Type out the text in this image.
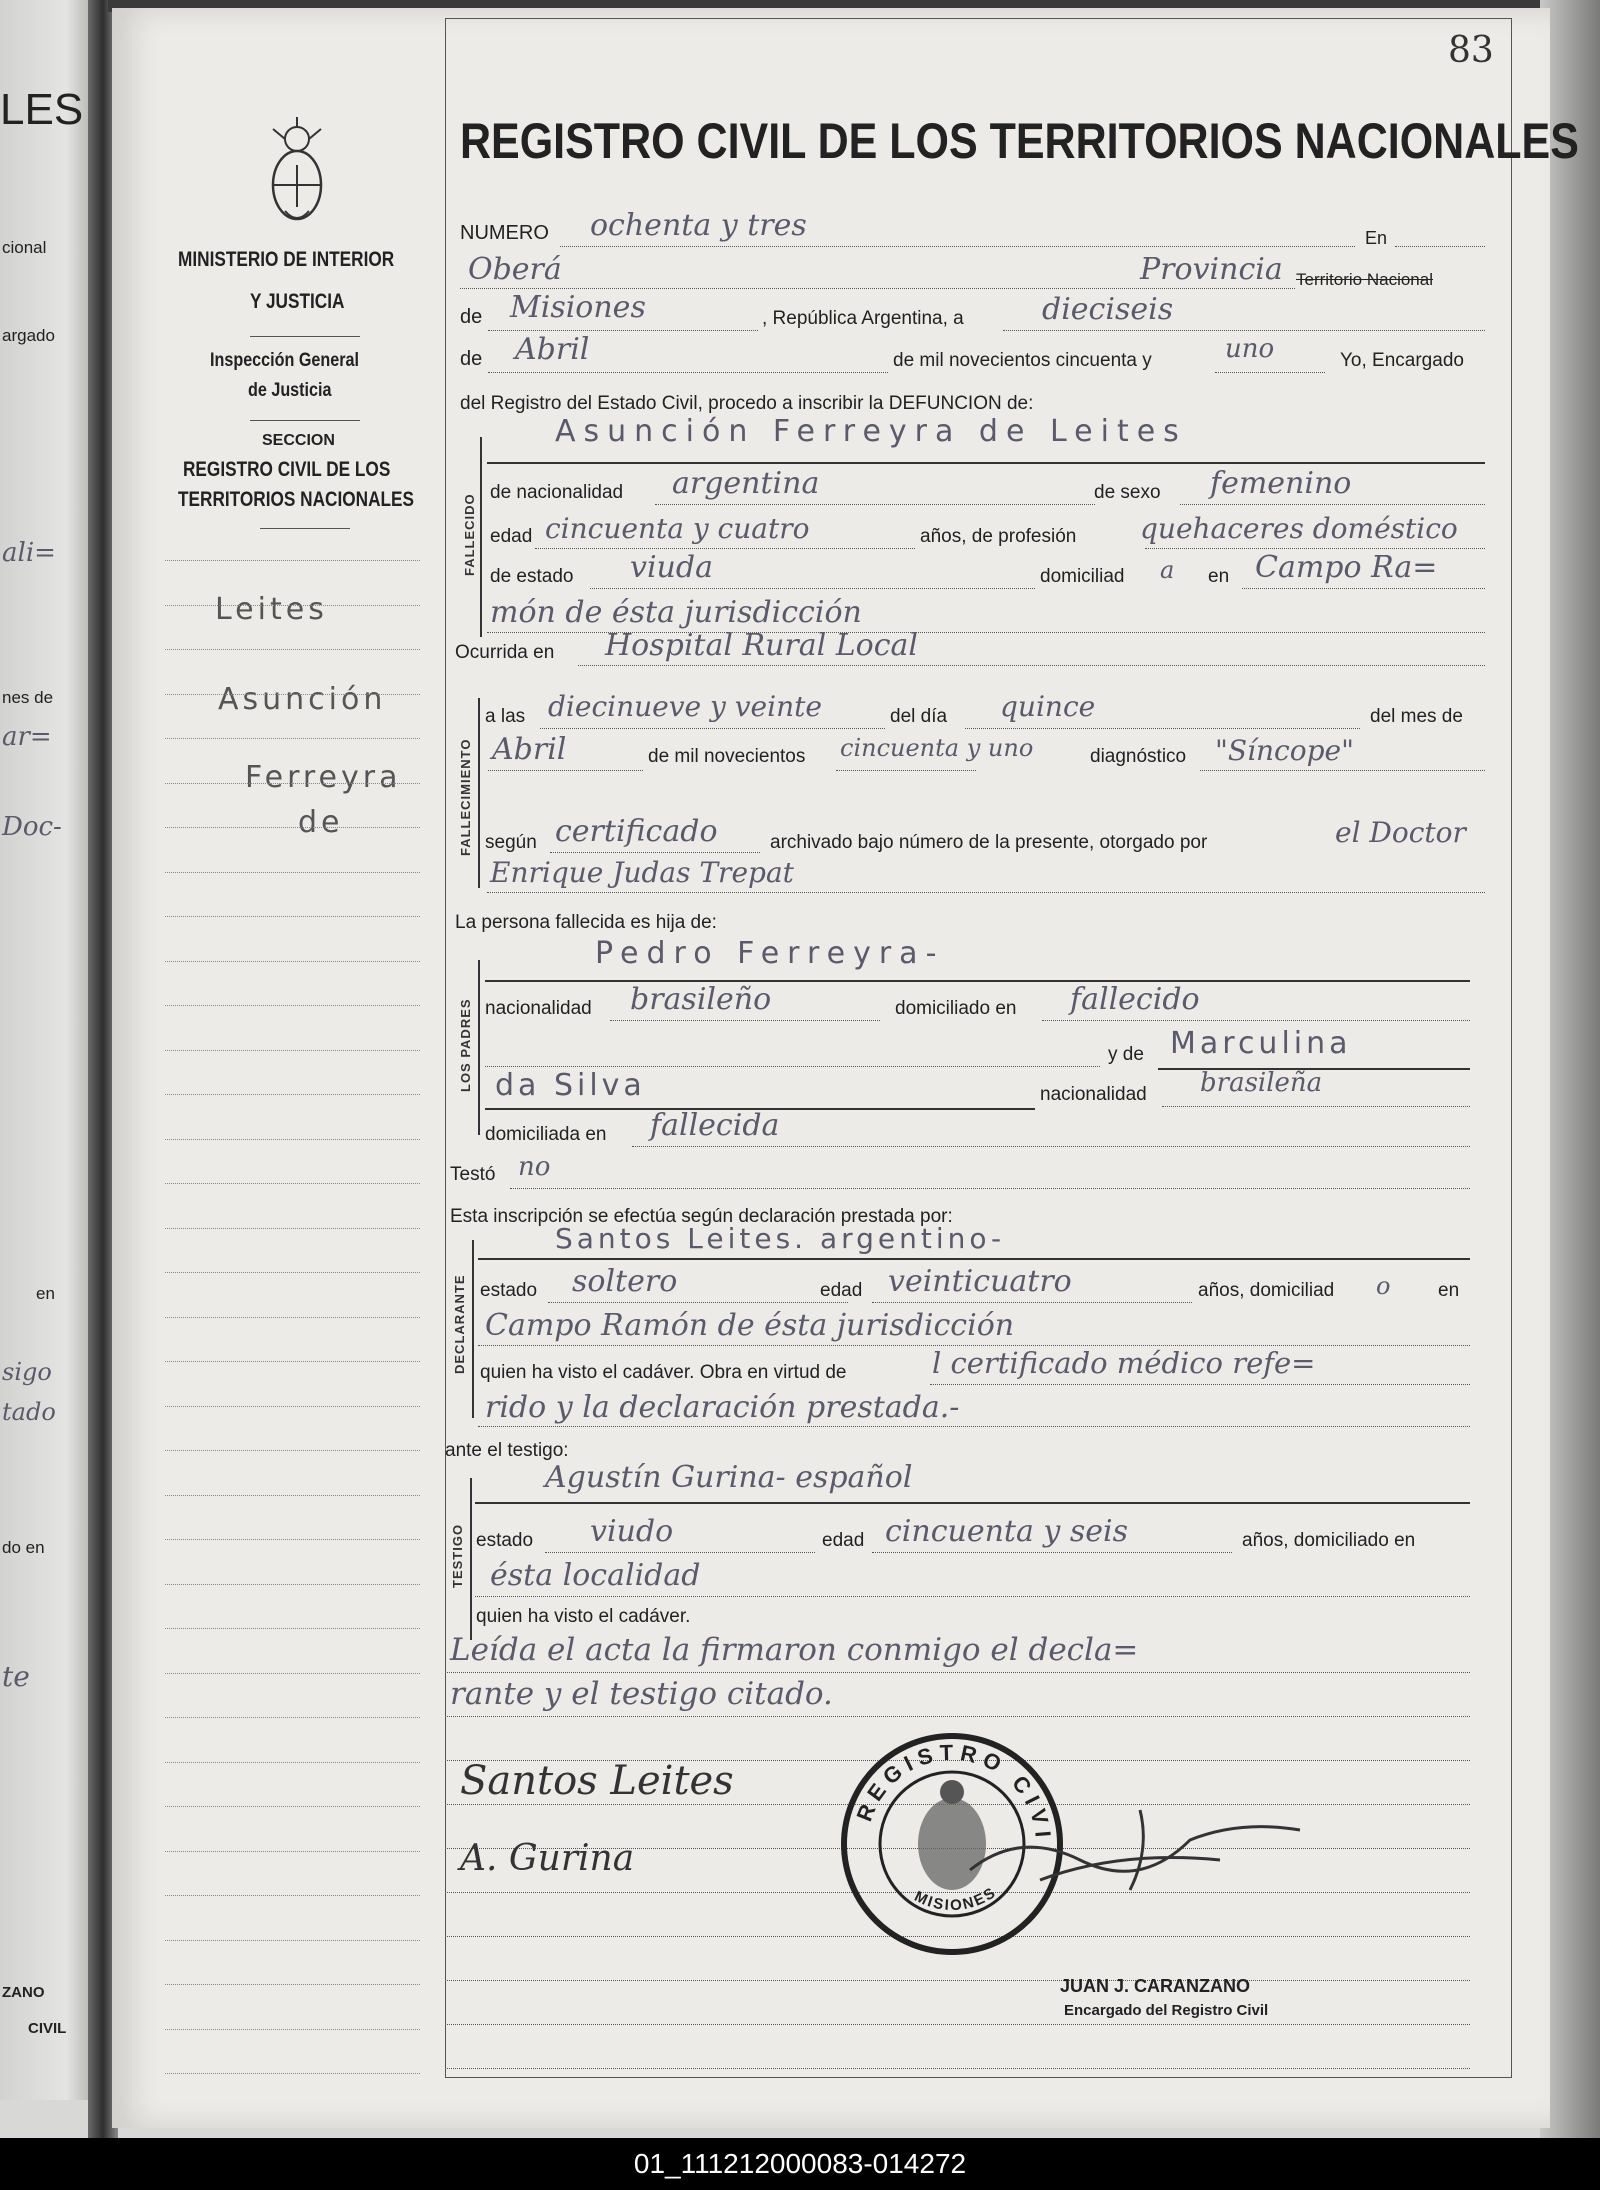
LES
cional
argado
ali=
nes de
ar=
Doc-
en
sigo
tado
do en
te
ZANO
CIVIL
83
REGISTRO CIVIL DE LOS TERRITORIOS NACIONALES
MINISTERIO DE INTERIOR
Y JUSTICIA
Inspección General
de Justicia
SECCION
REGISTRO CIVIL DE LOS
TERRITORIOS NACIONALES
Leites
Asunción
Ferreyra
de
NUMERO ochenta y tres	En
Oberá	Provincia Territorio Nacional
de Misiones	, República Argentina, a	dieciseis
de Abril	de mil novecientos cincuenta y	uno	Yo, Encargado
del Registro del Estado Civil, procedo a inscribir la DEFUNCION de:
FALLECIDO
Asunción Ferreyra de Leites
de nacionalidad argentina	de sexo femenino
edad cincuenta y cuatro	años, de profesión quehaceres doméstico
de estado viuda	domiciliad a en Campo Ra=
món de ésta jurisdicción
Ocurrida en Hospital Rural Local
FALLECIMIENTO
a las diecinueve y veinte	del día quince	del mes de
de mil novecientos
Abril	cincuenta y uno	diagnóstico "Síncope"
según certificado	archivado bajo número de la presente, otorgado por	el Doctor
Enrique Judas Trepat
La persona fallecida es hija de:
LOS PADRES
Pedro Ferreyra-
nacionalidad brasileño	domiciliado en fallecido
y de Marculina
da Silva	nacionalidad brasileña
domiciliada en fallecida
Testó no
Esta inscripción se efectúa según declaración prestada por:
DECLARANTE
Santos Leites. argentino-
estado soltero	edad veinticuatro	años, domiciliad o	en
Campo Ramón de ésta jurisdicción
quien ha visto el cadáver. Obra en virtud de	l certificado médico refe=
rido y la declaración prestada.-
ante el testigo:
TESTIGO
Agustín Gurina- español
estado viudo	edad cincuenta y seis	años, domiciliado en
ésta localidad
quien ha visto el cadáver.
Leída el acta la firmaron conmigo el decla=
rante y el testigo citado.
Santos Leites
A. Gurina
REGISTRO CIVI
MISIONES
JUAN J. CARANZANO
Encargado del Registro Civil
01_111212000083-014272
